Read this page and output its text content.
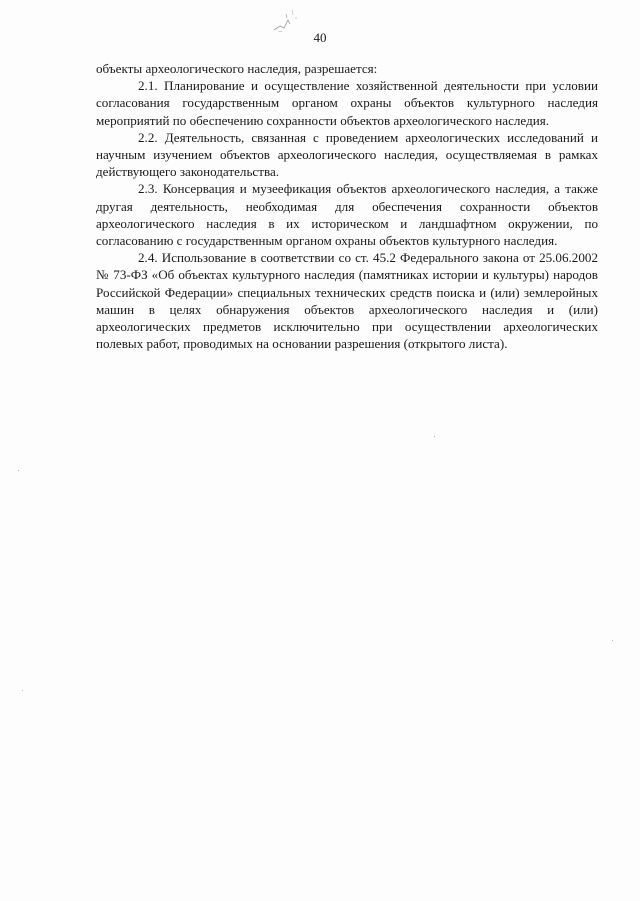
40

объекты археологического наследия, разрешается:

2.1. Планирование и осуществление хозяйственной деятельности при условии согласования государственным органом охраны объектов культурного наследия мероприятий по обеспечению сохранности объектов археологического наследия.

2.2. Деятельность, связанная с проведением археологических исследований и научным изучением объектов археологического наследия, осуществляемая в рамках действующего законодательства.

2.3. Консервация и музеефикация объектов археологического наследия, а также другая деятельность, необходимая для обеспечения сохранности объектов археологического наследия в их историческом и ландшафтном окружении, по согласованию с государственным органом охраны объектов культурного наследия.

2.4. Использование в соответствии со ст. 45.2 Федерального закона от 25.06.2002 № 73-ФЗ «Об объектах культурного наследия (памятниках истории и культуры) народов Российской Федерации» специальных технических средств поиска и (или) землеройных машин в целях обнаружения объектов археологического наследия и (или) археологических предметов исключительно при осуществлении археологических полевых работ, проводимых на основании разрешения (открытого листа).
